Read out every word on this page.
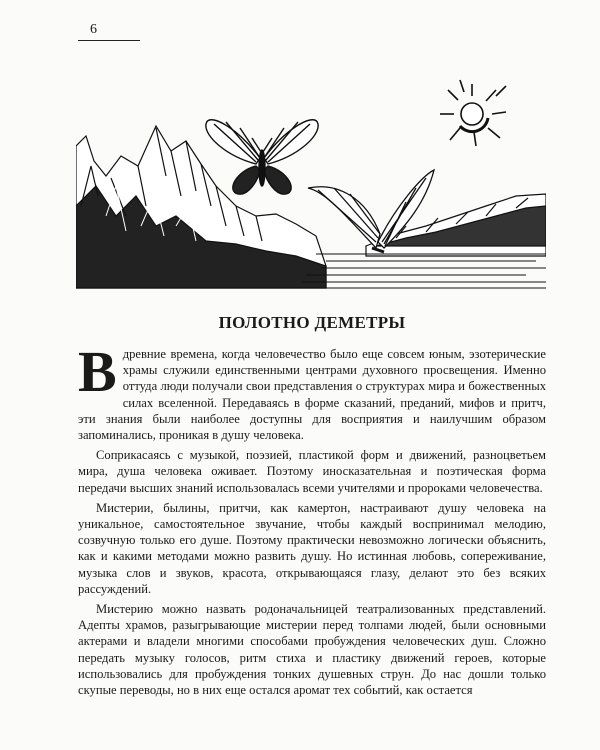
6
ПОЛОТНО ДЕМЕТРЫ

Вдревние времена, когда человечество было еще совсем юным, эзотерические храмы служили единственными центрами духовного просвещения. Именно оттуда люди получали свои представления о структурах мира и божественных силах вселенной. Передаваясь в форме сказаний, преданий, мифов и притч, эти знания были наиболее доступны для восприятия и наилучшим образом запоминались, проникая в душу человека.

Соприкасаясь с музыкой, поэзией, пластикой форм и движений, разноцветьем мира, душа человека оживает. Поэтому иносказательная и поэтическая форма передачи высших знаний использовалась всеми учителями и пророками человечества.

Мистерии, былины, притчи, как камертон, настраивают душу человека на уникальное, самостоятельное звучание, чтобы каждый воспринимал мелодию, созвучную только его душе. Поэтому практически невозможно логически объяснить, как и какими методами можно развить душу. Но истинная любовь, сопереживание, музыка слов и звуков, красота, открывающаяся глазу, делают это без всяких рассуждений.

Мистерию можно назвать родоначальницей театрализованных представлений. Адепты храмов, разыгрывающие мистерии перед толпами людей, были основными актерами и владели многими способами пробуждения человеческих душ. Сложно передать музыку голосов, ритм стиха и пластику движений героев, которые использовались для пробуждения тонких душевных струн. До нас дошли только скупые переводы, но в них еще остался аромат тех событий, как остается
